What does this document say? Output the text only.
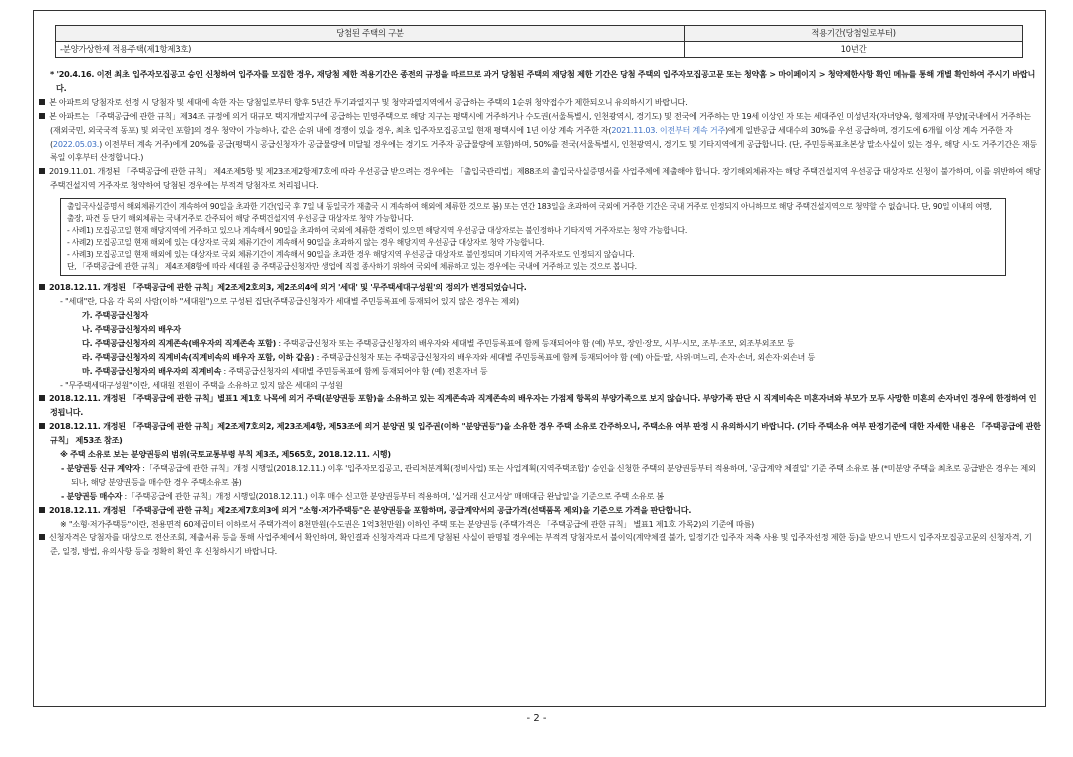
당첨된 주택의 구분	적용기간(당첨일로부터)
-분양가상한제 적용주택(제1항제3호)	10년간

* '20.4.16. 이전 최초 입주자모집공고 승인 신청하여 입주자를 모집한 경우, 재당첨 제한 적용기간은 종전의 규정을 따르므로 과거 당첨된 주택의 재당첨 제한 기간은 당첨 주택의 입주자모집공고문 또는 청약홈 > 마이페이지 > 청약제한사항 확인 메뉴를 통해 개별 확인하여 주시기 바랍니다.

본 아파트의 당첨자로 선정 시 당첨자 및 세대에 속한 자는 당첨일로부터 향후 5년간 투기과열지구 및 청약과열지역에서 공급하는 주택의 1순위 청약접수가 제한되오니 유의하시기 바랍니다.

본 아파트는 「주택공급에 관한 규칙」제34조 규정에 의거 대규모 택지개발지구에 공급하는 민영주택으로 해당 지구는 평택시에 거주하거나 수도권(서울특별시, 인천광역시, 경기도) 및 전국에 거주하는 만 19세 이상인 자 또는 세대주인 미성년자(자녀양육, 형제자매 부양)[국내에서 거주하는(재외국민, 외국국적 동포) 및 외국인 포함]의 경우 청약이 가능하나, 같은 순위 내에 경쟁이 있을 경우, 최초 입주자모집공고일 현재 평택시에 1년 이상 계속 거주한 자(2021.11.03. 이전부터 계속 거주)에게 일반공급 세대수의 30%를 우선 공급하며, 경기도에 6개월 이상 계속 거주한 자(2022.05.03.) 이전부터 계속 거주)에게 20%를 공급(평택시 공급신청자가 공급물량에 미달될 경우에는 경기도 거주자 공급물량에 포함)하며, 50%를 전국(서울특별시, 인천광역시, 경기도 및 기타지역에게 공급합니다. (단, 주민등록표초본상 말소사실이 있는 경우, 해당 시·도 거주기간은 재등록일 이후부터 산정합니다.)

2019.11.01. 개정된 「주택공급에 관한 규칙」 제4조제5항 및 제23조제2항제7호에 따라 우선공급 받으려는 경우에는 「출입국관리법」제88조의 출입국사실증명서를 사업주체에 제출해야 합니다. 장기해외체류자는 해당 주택건설지역 우선공급 대상자로 신청이 불가하며, 이를 위반하여 해당 주택건설지역 거주자로 청약하여 당첨된 경우에는 부적격 당첨자로 처리됩니다.

출입국사실증명서 해외체류기간이 계속하여 90일을 초과한 기간(입국 후 7일 내 동일국가 재출국 시 계속하여 해외에 체류한 것으로 봄) 또는 연간 183일을 초과하여 국외에 거주한 기간은 국내 거주로 인정되지 아니하므로 해당 주택건설지역으로 청약할 수 없습니다. 단, 90일 이내의 여행, 출장, 파견 등 단기 해외체류는 국내거주로 간주되어 해당 주택건설지역 우선공급 대상자로 청약 가능합니다.

- 사례1) 모집공고일 현재 해당지역에 거주하고 있으나 계속해서 90일을 초과하여 국외에 체류한 경력이 있으면 해당지역 우선공급 대상자로는 불인정하나 기타지역 거주자로는 청약 가능합니다.

- 사례2) 모집공고일 현재 해외에 있는 대상자로 국외 체류기간이 계속해서 90일을 초과하지 않는 경우 해당지역 우선공급 대상자로 청약 가능합니다.

- 사례3) 모집공고일 현재 해외에 있는 대상자로 국외 체류기간이 계속해서 90일을 초과한 경우 해당지역 우선공급 대상자로 불인정되며 기타지역 거주자로도 인정되지 않습니다.

단, 「주택공급에 관한 규칙」 제4조제8항에 따라 세대원 중 주택공급신청자만 생업에 직접 종사하기 위하여 국외에 체류하고 있는 경우에는 국내에 거주하고 있는 것으로 봅니다.

2018.12.11. 개정된 「주택공급에 관한 규칙」제2조제2호의3, 제2조의4에 의거 '세대' 및 '무주택세대구성원'의 정의가 변경되었습니다.

- "세대"란, 다음 각 목의 사람(이하 "세대원")으로 구성된 집단(주택공급신청자가 세대별 주민등록표에 등재되어 있지 않은 경우는 제외)

가. 주택공급신청자

나. 주택공급신청자의 배우자

다. 주택공급신청자의 직계존속(배우자의 직계존속 포함) : 주택공급신청자 또는 주택공급신청자의 배우자와 세대별 주민등록표에 함께 등재되어야 함 (예) 부모, 장인·장모, 시부·시모, 조부·조모, 외조부외조모 등

라. 주택공급신청자의 직계비속(직계비속의 배우자 포함, 이하 같음) : 주택공급신청자 또는 주택공급신청자의 배우자와 세대별 주민등록표에 함께 등재되어야 함 (예) 아들·딸, 사위·며느리, 손자·손녀, 외손자·외손녀 등

마. 주택공급신청자의 배우자의 직계비속 : 주택공급신청자의 세대별 주민등록표에 함께 등재되어야 함 (예) 전혼자녀 등

- "무주택세대구성원"이란, 세대원 전원이 주택을 소유하고 있지 않은 세대의 구성원

2018.12.11. 개정된 「주택공급에 관한 규칙」별표1 제1호 나목에 의거 주택(분양권등 포함)을 소유하고 있는 직계존속과 직계존속의 배우자는 가점제 항목의 부양가족으로 보지 않습니다. 부양가족 판단 시 직계비속은 미혼자녀와 부모가 모두 사망한 미혼의 손자녀인 경우에 한정하여 인정됩니다.

2018.12.11. 개정된 「주택공급에 관한 규칙」제2조제7호의2, 제23조제4항, 제53조에 의거 분양권 및 입주권(이하 "분양권등")을 소유한 경우 주택 소유로 간주하오니, 주택소유 여부 판정 시 유의하시기 바랍니다. (기타 주택소유 여부 판정기준에 대한 자세한 내용은 「주택공급에 관한 규칙」 제53조 참조)

※ 주택 소유로 보는 분양권등의 범위(국토교통부령 부칙 제3조, 제565호, 2018.12.11. 시행)

- 분양권등 신규 계약자 :「주택공급에 관한 규칙」개정 시행일(2018.12.11.) 이후 '입주자모집공고, 관리처분계획(정비사업) 또는 사업계획(지역주택조합)' 승인을 신청한 주택의 분양권등부터 적용하며, '공급계약 체결일' 기준 주택 소유로 봄 (*미분양 주택을 최초로 공급받은 경우는 제외되나, 해당 분양권등을 매수한 경우 주택소유로 봄)

- 분양권등 매수자 :「주택공급에 관한 규칙」개정 시행일(2018.12.11.) 이후 매수 신고한 분양권등부터 적용하며, '실거래 신고서상' 매매대금 완납일'을 기준으로 주택 소유로 봄

2018.12.11. 개정된 「주택공급에 관한 규칙」제2조제7호의3에 의거 "소형·저가주택등"은 분양권등을 포함하며, 공급계약서의 공급가격(선택품목 제외)을 기준으로 가격을 판단합니다.

※ "소형·저가주택등"이란, 전용면적 60제곱미터 이하로서 주택가격이 8천만원(수도권은 1억3천만원) 이하인 주택 또는 분양권등 (주택가격은 「주택공급에 관한 규칙」 별표1 제1호 가목2)의 기준에 따름)

신청자격은 당첨자를 대상으로 전산조회, 제출서류 등을 통해 사업주체에서 확인하며, 확인결과 신청자격과 다르게 당첨된 사실이 판명될 경우에는 부적격 당첨자로서 불이익(계약체결 불가, 일정기간 입주자 저축 사용 및 입주자선정 제한 등)을 받으니 반드시 입주자모집공고문의 신청자격, 기준, 일정, 방법, 유의사항 등을 정확히 확인 후 신청하시기 바랍니다.

- 2 -
